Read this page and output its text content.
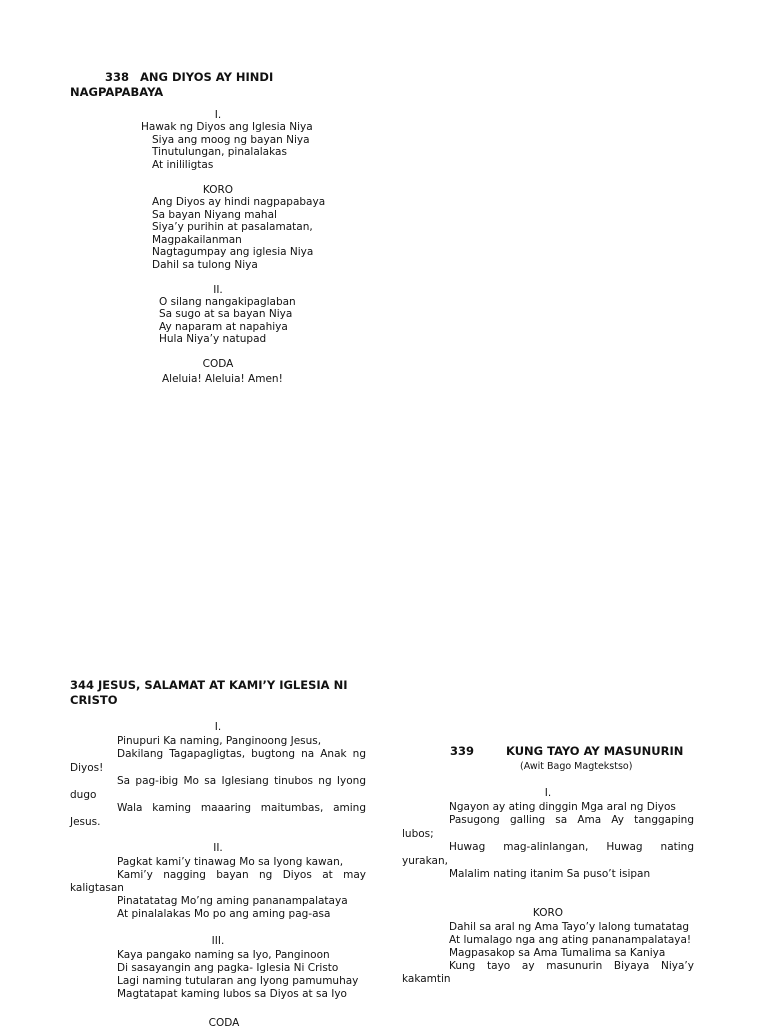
338 ANG DIYOS AY HINDI
NAGPAPABAYA
I.
Hawak ng Diyos ang Iglesia Niya
Siya ang moog ng bayan Niya
Tinutulungan, pinalalakas
At inililigtas
KORO
Ang Diyos ay hindi nagpapabaya
Sa bayan Niyang mahal
Siya’y purihin at pasalamatan,
Magpakailanman
Nagtagumpay ang iglesia Niya
Dahil sa tulong Niya
II.
O silang nangakipaglaban
Sa sugo at sa bayan Niya
Ay naparam at napahiya
Hula Niya’y natupad
CODA
Aleluia! Aleluia! Amen!
344 JESUS, SALAMAT AT KAMI’Y IGLESIA NI
CRISTO
I.
Pinupuri Ka naming, Panginoong Jesus,
Dakilang Tagapagligtas, bugtong na Anak ng Diyos!
Sa pag-ibig Mo sa Iglesiang tinubos ng Iyong dugo
Wala kaming maaaring maitumbas, aming Jesus.
II.
Pagkat kami’y tinawag Mo sa Iyong kawan,
Kami’y nagging bayan ng Diyos at may kaligtasan
Pinatatatag Mo’ng aming pananampalataya
At pinalalakas Mo po ang aming pag-asa
III.
Kaya pangako naming sa Iyo, Panginoon
Di sasayangin ang pagka- Iglesia Ni Cristo
Lagi naming tutularan ang Iyong pamumuhay
Magtatapat kaming lubos sa Diyos at sa Iyo
CODA
339	KUNG TAYO AY MASUNURIN
(Awit Bago Magtekstso)
I.
Ngayon ay ating dinggin Mga aral ng Diyos
Pasugong galling sa Ama Ay tanggaping lubos;
Huwag mag-alinlangan, Huwag nating yurakan,
Malalim nating itanim Sa puso’t isipan
KORO
Dahil sa aral ng Ama Tayo’y lalong tumatatag
At lumalago nga ang ating pananampalataya!
Magpasakop sa Ama Tumalima sa Kaniya
Kung tayo ay masunurin Biyaya Niya’y kakamtin
